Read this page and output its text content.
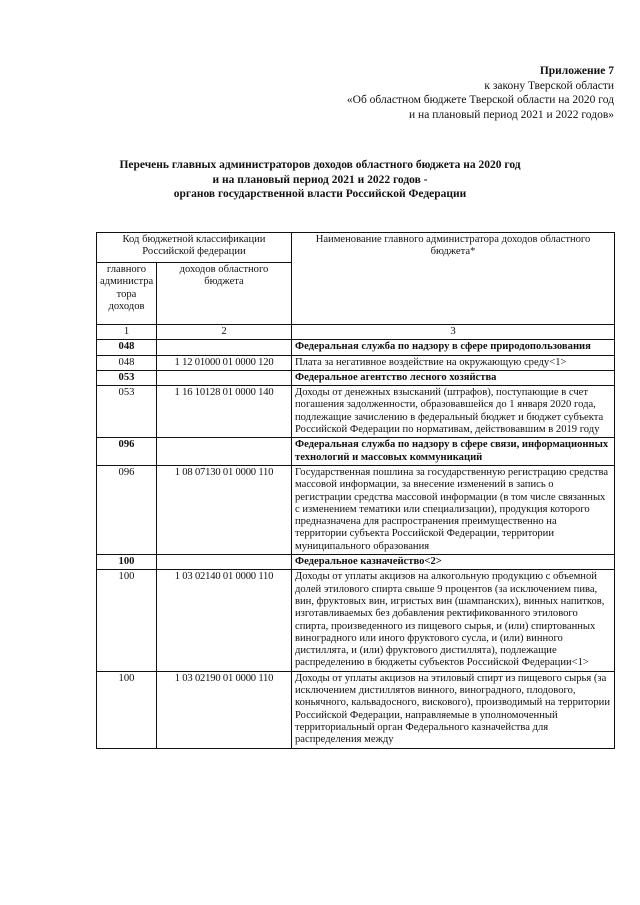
Приложение 7
к закону Тверской области
«Об областном бюджете Тверской области на 2020 год
и на плановый период 2021 и 2022 годов»
Перечень главных администраторов доходов областного бюджета на 2020 год
и на плановый период 2021 и 2022 годов -
органов государственной власти Российской Федерации
Код бюджетной классификации Российской федерации		Наименование главного администратора доходов областного бюджета*
главного администра тора доходов	доходов областного бюджета	
1	2	3
048		Федеральная служба по надзору в сфере природопользования
048	1 12 01000 01 0000 120	Плата за негативное воздействие на окружающую среду<1>
053		Федеральное агентство лесного хозяйства
053	1 16 10128 01 0000 140	Доходы от денежных взысканий (штрафов), поступающие в счет погашения задолженности, образовавшейся до 1 января 2020 года, подлежащие зачислению в федеральный бюджет и бюджет субъекта Российской Федерации по нормативам, действовавшим в 2019 году
096		Федеральная служба по надзору в сфере связи, информационных технологий и массовых коммуникаций
096	1 08 07130 01 0000 110	Государственная пошлина за государственную регистрацию средства массовой информации, за внесение изменений в запись о регистрации средства массовой информации (в том числе связанных с изменением тематики или специализации), продукция которого предназначена для распространения преимущественно на территории субъекта Российской Федерации, территории муниципального образования
100		Федеральное казначейство<2>
100	1 03 02140 01 0000 110	Доходы от уплаты акцизов на алкогольную продукцию с объемной долей этилового спирта свыше 9 процентов (за исключением пива, вин, фруктовых вин, игристых вин (шампанских), винных напитков, изготавливаемых без добавления ректификованного этилового спирта, произведенного из пищевого сырья, и (или) спиртованных виноградного или иного фруктового сусла, и (или) винного дистиллята, и (или) фруктового дистиллята), подлежащие распределению в бюджеты субъектов Российской Федерации<1>
100	1 03 02190 01 0000 110	Доходы от уплаты акцизов на этиловый спирт из пищевого сырья (за исключением дистиллятов винного, виноградного, плодового, коньячного, кальвадосного, вискового), производимый на территории Российской Федерации, направляемые в уполномоченный территориальный орган Федерального казначейства для распределения между
